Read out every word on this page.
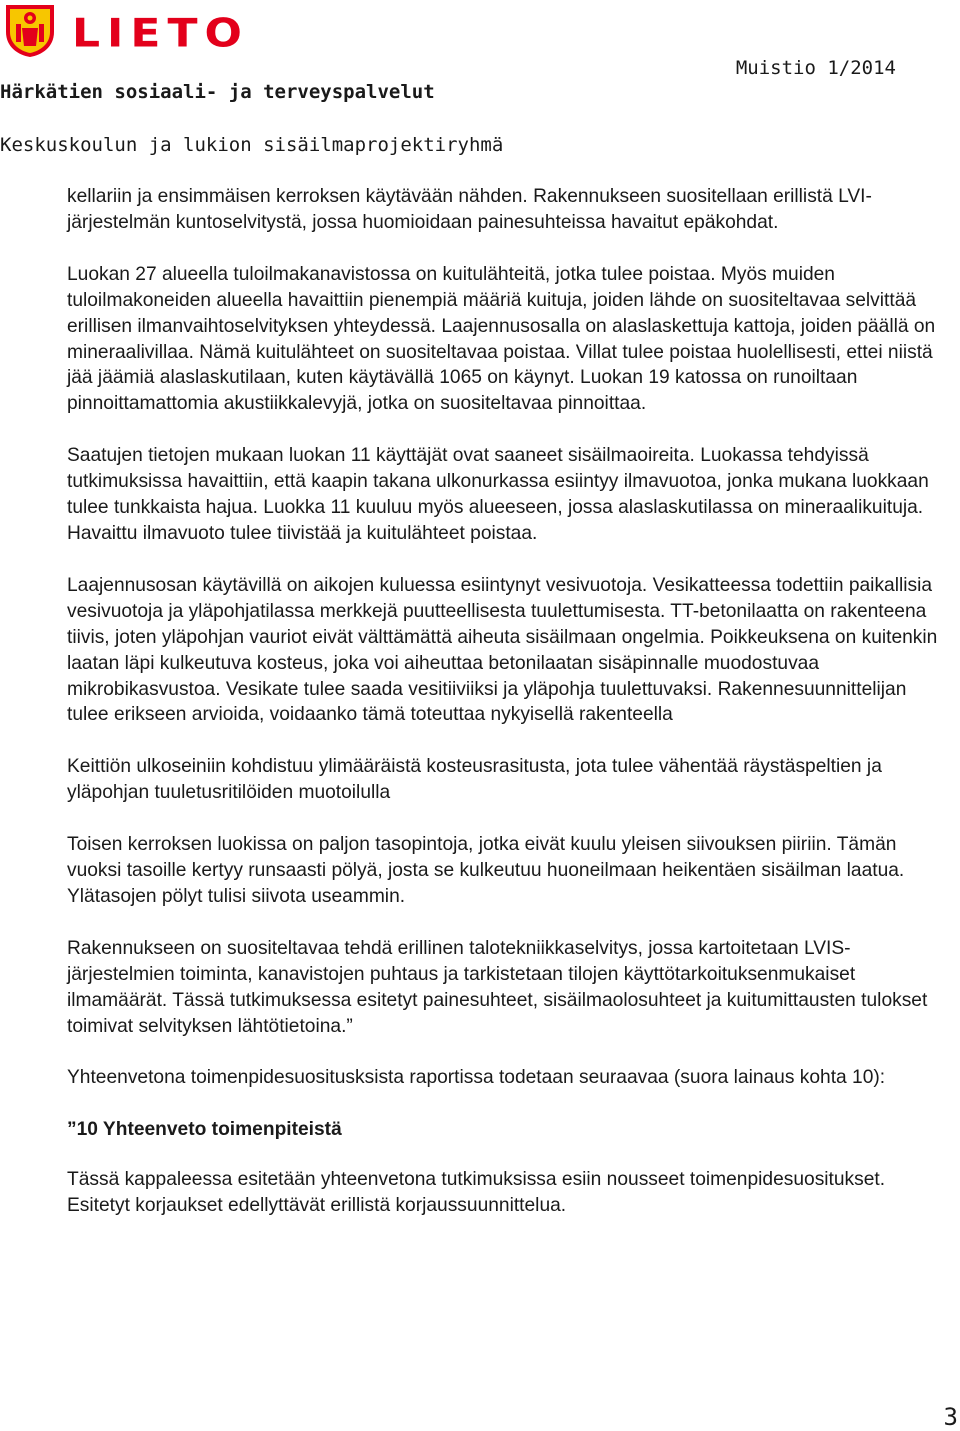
LIETO
Muistio 1/2014
Härkätien sosiaali- ja terveyspalvelut
Keskuskoulun ja lukion sisäilmaprojektiryhmä

kellariin ja ensimmäisen kerroksen käytävään nähden. Rakennukseen suositellaan erillistä LVI-järjestelmän kuntoselvitystä, jossa huomioidaan painesuhteissa havaitut epäkohdat.

Luokan 27 alueella tuloilmakanavistossa on kuitulähteitä, jotka tulee poistaa. Myös muiden tuloilmakoneiden alueella havaittiin pienempiä määriä kuituja, joiden lähde on suositeltavaa selvittää erillisen ilmanvaihtoselvityksen yhteydessä. Laajennusosalla on alaslaskettuja kattoja, joiden päällä on mineraalivillaa. Nämä kuitulähteet on suositeltavaa poistaa. Villat tulee poistaa huolellisesti, ettei niistä jää jäämiä alaslaskutilaan, kuten käytävällä 1065 on käynyt. Luokan 19 katossa on runoiltaan pinnoittamattomia akustiikkalevyjä, jotka on suositeltavaa pinnoittaa.

Saatujen tietojen mukaan luokan 11 käyttäjät ovat saaneet sisäilmaoireita. Luokassa tehdyissä tutkimuksissa havaittiin, että kaapin takana ulkonurkassa esiintyy ilmavuotoa, jonka mukana luokkaan tulee tunkkaista hajua. Luokka 11 kuuluu myös alueeseen, jossa alaslaskutilassa on mineraalikuituja. Havaittu ilmavuoto tulee tiivistää ja kuitulähteet poistaa.

Laajennusosan käytävillä on aikojen kuluessa esiintynyt vesivuotoja. Vesikatteessa todettiin paikallisia vesivuotoja ja yläpohjatilassa merkkejä puutteellisesta tuulettumisesta. TT-betonilaatta on rakenteena tiivis, joten yläpohjan vauriot eivät välttämättä aiheuta sisäilmaan ongelmia. Poikkeuksena on kuitenkin laatan läpi kulkeutuva kosteus, joka voi aiheuttaa betonilaatan sisäpinnalle muodostuvaa mikrobikasvustoa. Vesikate tulee saada vesitiiviiksi ja yläpohja tuulettuvaksi. Rakennesuunnittelijan tulee erikseen arvioida, voidaanko tämä toteuttaa nykyisellä rakenteella

Keittiön ulkoseiniin kohdistuu ylimääräistä kosteusrasitusta, jota tulee vähentää räystäspeltien ja yläpohjan tuuletusritilöiden muotoilulla

Toisen kerroksen luokissa on paljon tasopintoja, jotka eivät kuulu yleisen siivouksen piiriin. Tämän vuoksi tasoille kertyy runsaasti pölyä, josta se kulkeutuu huoneilmaan heikentäen sisäilman laatua. Ylätasojen pölyt tulisi siivota useammin.

Rakennukseen on suositeltavaa tehdä erillinen talotekniikkaselvitys, jossa kartoitetaan LVIS- järjestelmien toiminta, kanavistojen puhtaus ja tarkistetaan tilojen käyttötarkoituksenmukaiset ilmamäärät. Tässä tutkimuksessa esitetyt painesuhteet, sisäilmaolosuhteet ja kuitumittausten tulokset toimivat selvityksen lähtötietoina.”

Yhteenvetona toimenpidesuositusksista raportissa todetaan seuraavaa (suora lainaus kohta 10):

”10 Yhteenveto toimenpiteistä

Tässä kappaleessa esitetään yhteenvetona tutkimuksissa esiin nousseet toimenpidesuositukset. Esitetyt korjaukset edellyttävät erillistä korjaussuunnittelua.

3
